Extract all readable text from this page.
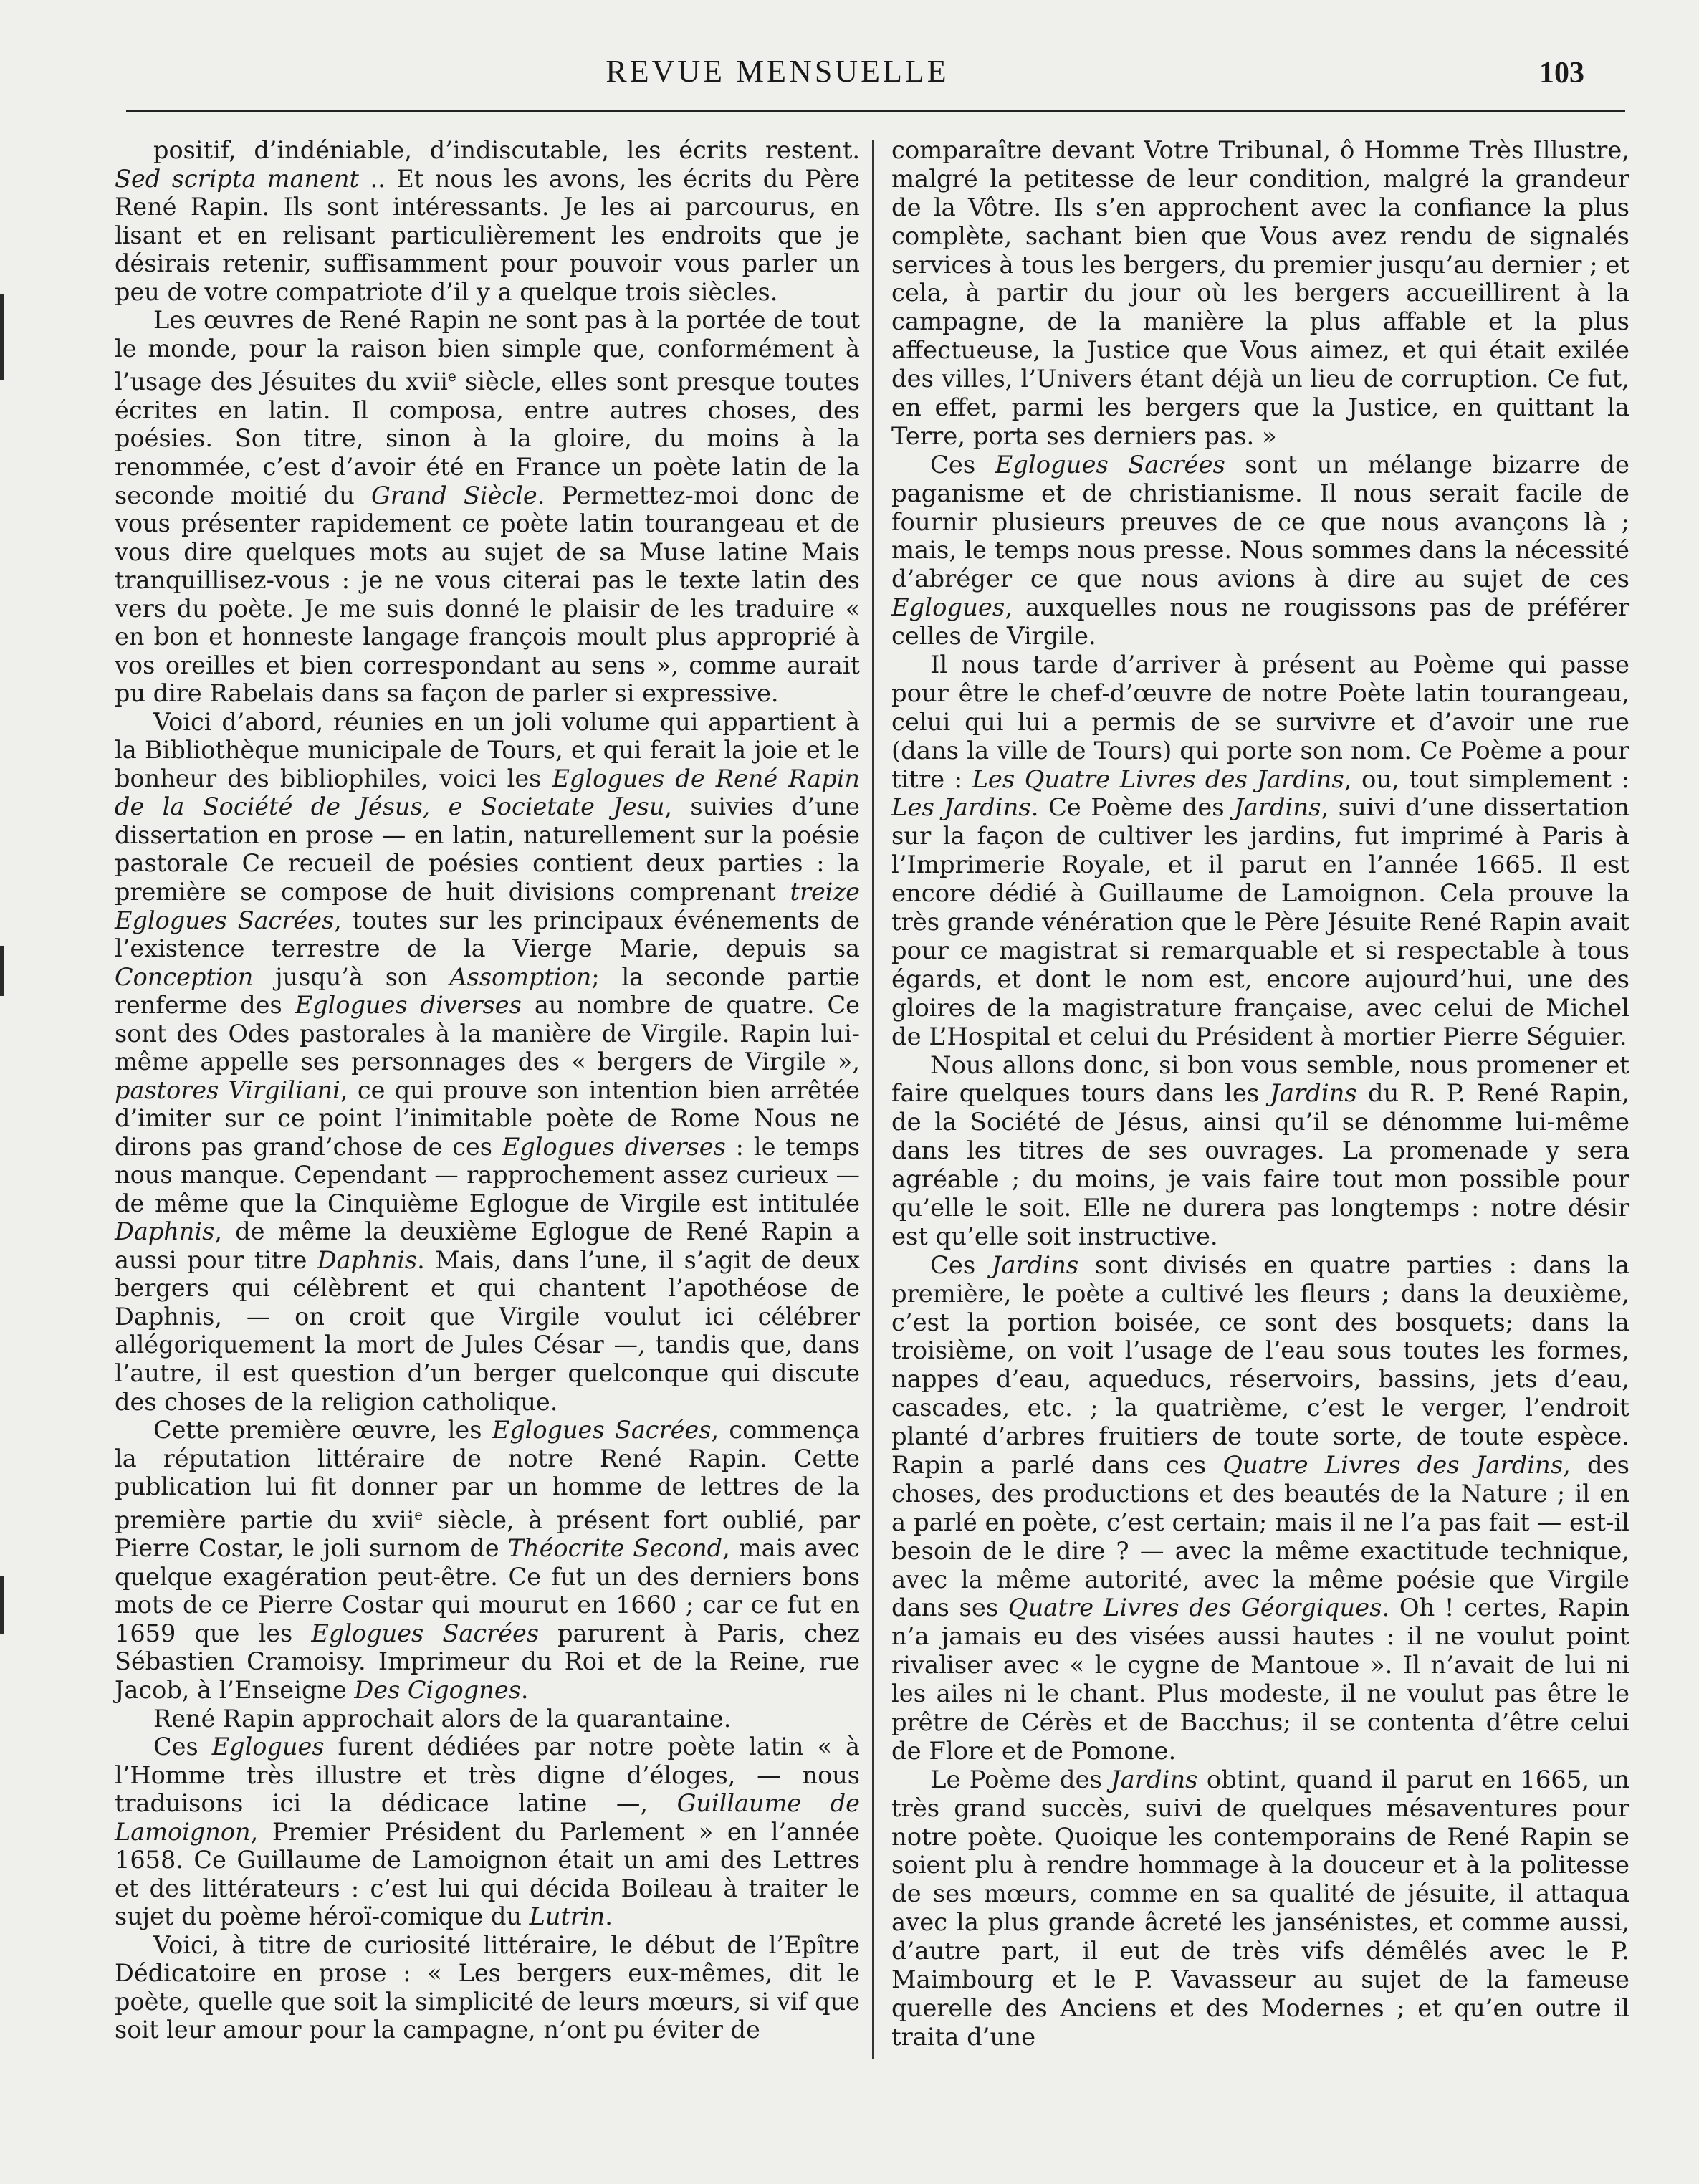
REVUE MENSUELLE	103

positif, d’indéniable, d’indiscutable, les écrits restent. Sed scripta manent .. Et nous les avons, les écrits du Père René Rapin. Ils sont intéressants. Je les ai parcourus, en lisant et en relisant particulièrement les endroits que je désirais retenir, suffisamment pour pouvoir vous parler un peu de votre compatriote d’il y a quelque trois siècles.

Les œuvres de René Rapin ne sont pas à la portée de tout le monde, pour la raison bien simple que, conformément à l’usage des Jésuites du xvii$^e$ siècle, elles sont presque toutes écrites en latin. Il composa, entre autres choses, des poésies. Son titre, sinon à la gloire, du moins à la renommée, c’est d’avoir été en France un poète latin de la seconde moitié du Grand Siècle. Permettez-moi donc de vous présenter rapidement ce poète latin tourangeau et de vous dire quelques mots au sujet de sa Muse latine Mais tranquillisez-vous : je ne vous citerai pas le texte latin des vers du poète. Je me suis donné le plaisir de les traduire « en bon et honneste langage françois moult plus approprié à vos oreilles et bien correspondant au sens », comme aurait pu dire Rabelais dans sa façon de parler si expressive.

Voici d’abord, réunies en un joli volume qui appartient à la Bibliothèque municipale de Tours, et qui ferait la joie et le bonheur des bibliophiles, voici les Eglogues de René Rapin de la Société de Jésus, e Societate Jesu, suivies d’une dissertation en prose — en latin, naturellement sur la poésie pastorale Ce recueil de poésies contient deux parties : la première se compose de huit divisions comprenant treize Eglogues Sacrées, toutes sur les principaux événements de l’existence terrestre de la Vierge Marie, depuis sa Conception jusqu’à son Assomption; la seconde partie renferme des Eglogues diverses au nombre de quatre. Ce sont des Odes pastorales à la manière de Virgile. Rapin lui-même appelle ses personnages des « bergers de Virgile », pastores Virgiliani, ce qui prouve son intention bien arrêtée d’imiter sur ce point l’inimitable poète de Rome Nous ne dirons pas grand’chose de ces Eglogues diverses : le temps nous manque. Cependant — rapprochement assez curieux — de même que la Cinquième Eglogue de Virgile est intitulée Daphnis, de même la deuxième Eglogue de René Rapin a aussi pour titre Daphnis. Mais, dans l’une, il s’agit de deux bergers qui célèbrent et qui chantent l’apothéose de Daphnis, — on croit que Virgile voulut ici célébrer allégoriquement la mort de Jules César —, tandis que, dans l’autre, il est question d’un berger quelconque qui discute des choses de la religion catholique.

Cette première œuvre, les Eglogues Sacrées, commença la réputation littéraire de notre René Rapin. Cette publication lui fit donner par un homme de lettres de la première partie du xvii$^e$ siècle, à présent fort oublié, par Pierre Costar, le joli surnom de Théocrite Second, mais avec quelque exagération peut-être. Ce fut un des derniers bons mots de ce Pierre Costar qui mourut en 1660 ; car ce fut en 1659 que les Eglogues Sacrées parurent à Paris, chez Sébastien Cramoisy. Imprimeur du Roi et de la Reine, rue Jacob, à l’Enseigne Des Cigognes.

René Rapin approchait alors de la quarantaine.

Ces Eglogues furent dédiées par notre poète latin « à l’Homme très illustre et très digne d’éloges, — nous traduisons ici la dédicace latine —, Guillaume de Lamoignon, Premier Président du Parlement » en l’année 1658. Ce Guillaume de Lamoignon était un ami des Lettres et des littérateurs : c’est lui qui décida Boileau à traiter le sujet du poème héroï-comique du Lutrin.

Voici, à titre de curiosité littéraire, le début de l’Epître Dédicatoire en prose : « Les bergers eux-mêmes, dit le poète, quelle que soit la simplicité de leurs mœurs, si vif que soit leur amour pour la campagne, n’ont pu éviter de

comparaître devant Votre Tribunal, ô Homme Très Illustre, malgré la petitesse de leur condition, malgré la grandeur de la Vôtre. Ils s’en approchent avec la confiance la plus complète, sachant bien que Vous avez rendu de signalés services à tous les bergers, du premier jusqu’au dernier ; et cela, à partir du jour où les bergers accueillirent à la campagne, de la manière la plus affable et la plus affectueuse, la Justice que Vous aimez, et qui était exilée des villes, l’Univers étant déjà un lieu de corruption. Ce fut, en effet, parmi les bergers que la Justice, en quittant la Terre, porta ses derniers pas. »

Ces Eglogues Sacrées sont un mélange bizarre de paganisme et de christianisme. Il nous serait facile de fournir plusieurs preuves de ce que nous avançons là ; mais, le temps nous presse. Nous sommes dans la nécessité d’abréger ce que nous avions à dire au sujet de ces Eglogues, auxquelles nous ne rougissons pas de préférer celles de Virgile.

Il nous tarde d’arriver à présent au Poème qui passe pour être le chef-d’œuvre de notre Poète latin tourangeau, celui qui lui a permis de se survivre et d’avoir une rue (dans la ville de Tours) qui porte son nom. Ce Poème a pour titre : Les Quatre Livres des Jardins, ou, tout simplement : Les Jardins. Ce Poème des Jardins, suivi d’une dissertation sur la façon de cultiver les jardins, fut imprimé à Paris à l’Imprimerie Royale, et il parut en l’année 1665. Il est encore dédié à Guillaume de Lamoignon. Cela prouve la très grande vénération que le Père Jésuite René Rapin avait pour ce magistrat si remarquable et si respectable à tous égards, et dont le nom est, encore aujourd’hui, une des gloires de la magistrature française, avec celui de Michel de L’Hospital et celui du Président à mortier Pierre Séguier.

Nous allons donc, si bon vous semble, nous promener et faire quelques tours dans les Jardins du R. P. René Rapin, de la Société de Jésus, ainsi qu’il se dénomme lui-même dans les titres de ses ouvrages. La promenade y sera agréable ; du moins, je vais faire tout mon possible pour qu’elle le soit. Elle ne durera pas longtemps : notre désir est qu’elle soit instructive.

Ces Jardins sont divisés en quatre parties : dans la première, le poète a cultivé les fleurs ; dans la deuxième, c’est la portion boisée, ce sont des bosquets; dans la troisième, on voit l’usage de l’eau sous toutes les formes, nappes d’eau, aqueducs, réservoirs, bassins, jets d’eau, cascades, etc. ; la quatrième, c’est le verger, l’endroit planté d’arbres fruitiers de toute sorte, de toute espèce. Rapin a parlé dans ces Quatre Livres des Jardins, des choses, des productions et des beautés de la Nature ; il en a parlé en poète, c’est certain; mais il ne l’a pas fait — est-il besoin de le dire ? — avec la même exactitude technique, avec la même autorité, avec la même poésie que Virgile dans ses Quatre Livres des Géorgiques. Oh ! certes, Rapin n’a jamais eu des visées aussi hautes : il ne voulut point rivaliser avec « le cygne de Mantoue ». Il n’avait de lui ni les ailes ni le chant. Plus modeste, il ne voulut pas être le prêtre de Cérès et de Bacchus; il se contenta d’être celui de Flore et de Pomone.

Le Poème des Jardins obtint, quand il parut en 1665, un très grand succès, suivi de quelques mésaventures pour notre poète. Quoique les contemporains de René Rapin se soient plu à rendre hommage à la douceur et à la politesse de ses mœurs, comme en sa qualité de jésuite, il attaqua avec la plus grande âcreté les jansénistes, et comme aussi, d’autre part, il eut de très vifs démêlés avec le P. Maimbourg et le P. Vavasseur au sujet de la fameuse querelle des Anciens et des Modernes ; et qu’en outre il traita d’une
